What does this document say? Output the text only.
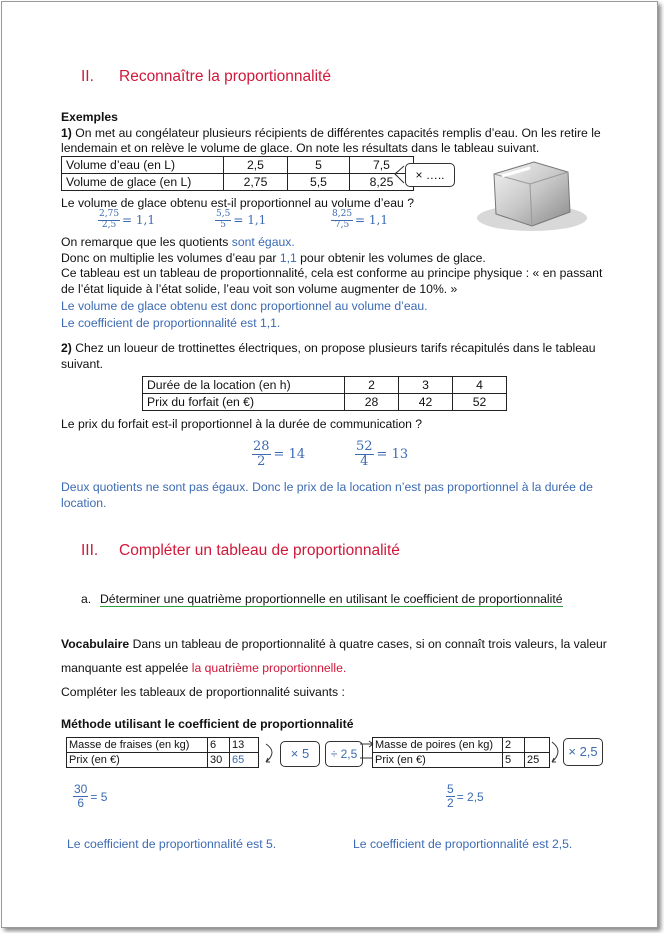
II. Reconnaître la proportionnalité
Exemples
1) On met au congélateur plusieurs récipients de différentes capacités remplis d’eau. On les retire le
lendemain et on relève le volume de glace. On note les résultats dans le tableau suivant.
Volume d’eau (en L)	2,5	5	7,5
Volume de glace (en L)	2,75	5,5	8,25	× …..
Le volume de glace obtenu est-il proportionnel au volume d’eau ?
$\frac{2,75}{2,5} = 1,1$	$\frac{5,5}{5} = 1,1$	$\frac{8,25}{7,5} = 1,1$
On remarque que les quotients sont égaux.
Donc on multiplie les volumes d’eau par 1,1 pour obtenir les volumes de glace.
Ce tableau est un tableau de proportionnalité, cela est conforme au principe physique : « en passant
de l’état liquide à l’état solide, l’eau voit son volume augmenter de 10%. »
Le volume de glace obtenu est donc proportionnel au volume d’eau.
Le coefficient de proportionnalité est 1,1.
2) Chez un loueur de trottinettes électriques, on propose plusieurs tarifs récapitulés dans le tableau
suivant.
Durée de la location (en h)	2	3	4
Prix du forfait (en €)	28	42	52
Le prix du forfait est-il proportionnel à la durée de communication ?
$\frac{28}{2} = 14$	$\frac{52}{4} = 13$
Deux quotients ne sont pas égaux. Donc le prix de la location n’est pas proportionnel à la durée de
location.
III. Compléter un tableau de proportionnalité
a. Déterminer une quatrième proportionnelle en utilisant le coefficient de proportionnalité
Vocabulaire Dans un tableau de proportionnalité à quatre cases, si on connaît trois valeurs, la valeur
manquante est appelée la quatrième proportionnelle.
Compléter les tableaux de proportionnalité suivants :
Méthode utilisant le coefficient de proportionnalité
Masse de fraises (en kg)	6	13
Prix (en €)	30	65	× 5	÷ 2,5
Masse de poires (en kg)	2	
Prix (en €)	5	25
× 2,5
$\frac{30}{6} = 5$	$\frac{5}{2} = 2,5$
Le coefficient de proportionnalité est 5.	Le coefficient de proportionnalité est 2,5.
